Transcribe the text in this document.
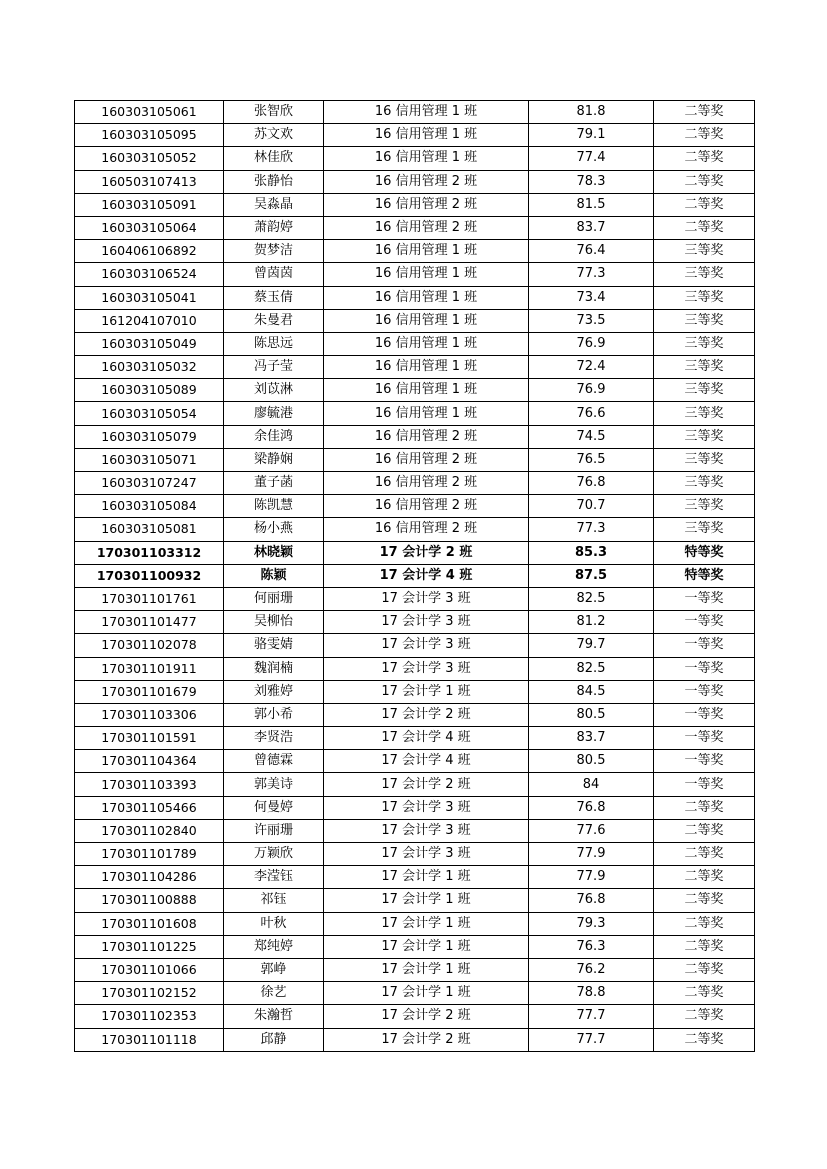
160303105061	张智欣	16 信用管理 1 班	81.8	二等奖
160303105095	苏文欢	16 信用管理 1 班	79.1	二等奖
160303105052	林佳欣	16 信用管理 1 班	77.4	二等奖
160503107413	张静怡	16 信用管理 2 班	78.3	二等奖
160303105091	吴淼晶	16 信用管理 2 班	81.5	二等奖
160303105064	萧韵婷	16 信用管理 2 班	83.7	二等奖
160406106892	贺梦洁	16 信用管理 1 班	76.4	三等奖
160303106524	曾茵茵	16 信用管理 1 班	77.3	三等奖
160303105041	蔡玉倩	16 信用管理 1 班	73.4	三等奖
161204107010	朱曼君	16 信用管理 1 班	73.5	三等奖
160303105049	陈思远	16 信用管理 1 班	76.9	三等奖
160303105032	冯子莹	16 信用管理 1 班	72.4	三等奖
160303105089	刘苡淋	16 信用管理 1 班	76.9	三等奖
160303105054	廖毓港	16 信用管理 1 班	76.6	三等奖
160303105079	余佳鸿	16 信用管理 2 班	74.5	三等奖
160303105071	梁静娴	16 信用管理 2 班	76.5	三等奖
160303107247	董子菡	16 信用管理 2 班	76.8	三等奖
160303105084	陈凯慧	16 信用管理 2 班	70.7	三等奖
160303105081	杨小燕	16 信用管理 2 班	77.3	三等奖
170301103312	林晓颖	17 会计学 2 班	85.3	特等奖
170301100932	陈颖	17 会计学 4 班	87.5	特等奖
170301101761	何丽珊	17 会计学 3 班	82.5	一等奖
170301101477	吴柳怡	17 会计学 3 班	81.2	一等奖
170301102078	骆雯婧	17 会计学 3 班	79.7	一等奖
170301101911	魏润楠	17 会计学 3 班	82.5	一等奖
170301101679	刘雅婷	17 会计学 1 班	84.5	一等奖
170301103306	郭小希	17 会计学 2 班	80.5	一等奖
170301101591	李贤浩	17 会计学 4 班	83.7	一等奖
170301104364	曾德霖	17 会计学 4 班	80.5	一等奖
170301103393	郭美诗	17 会计学 2 班	84	一等奖
170301105466	何曼婷	17 会计学 3 班	76.8	二等奖
170301102840	许丽珊	17 会计学 3 班	77.6	二等奖
170301101789	万颖欣	17 会计学 3 班	77.9	二等奖
170301104286	李滢钰	17 会计学 1 班	77.9	二等奖
170301100888	祁钰	17 会计学 1 班	76.8	二等奖
170301101608	叶秋	17 会计学 1 班	79.3	二等奖
170301101225	郑纯婷	17 会计学 1 班	76.3	二等奖
170301101066	郭峥	17 会计学 1 班	76.2	二等奖
170301102152	徐艺	17 会计学 1 班	78.8	二等奖
170301102353	朱瀚哲	17 会计学 2 班	77.7	二等奖
170301101118	邱静	17 会计学 2 班	77.7	二等奖
